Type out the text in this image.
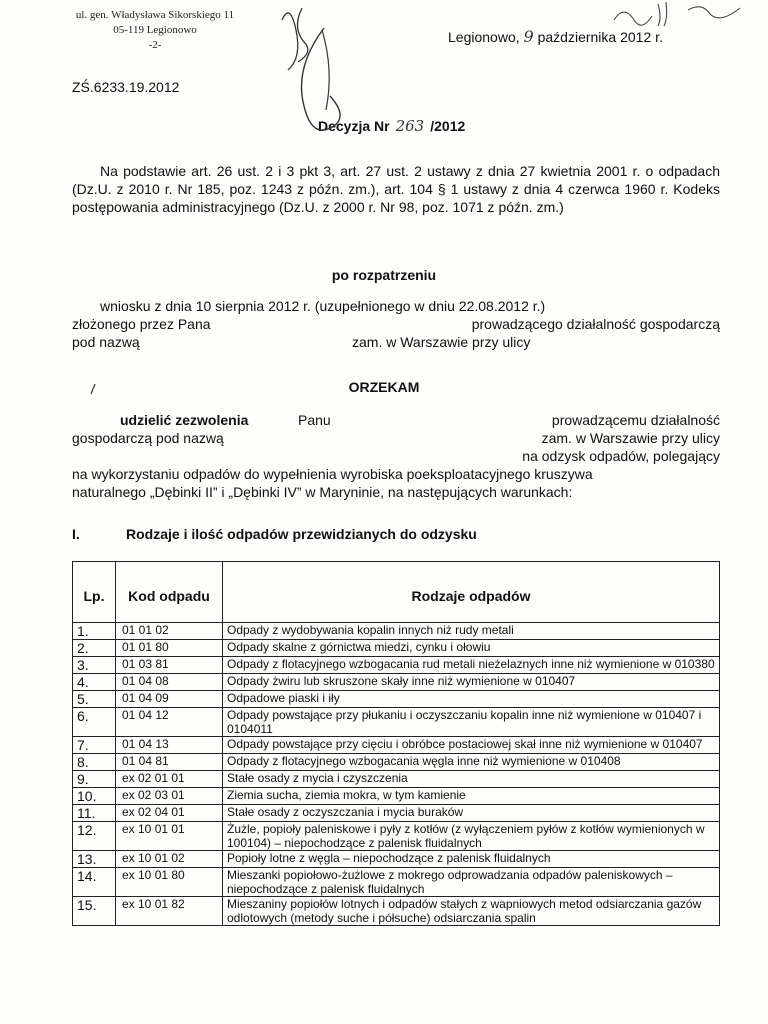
ul. gen. Władysława Sikorskiego 11
05-119 Legionowo
-2-	Legionowo, 9 października 2012 r.
ZŚ.6233.19.2012
Decyzja Nr 263 /2012
Na podstawie art. 26 ust. 2 i 3 pkt 3, art. 27 ust. 2 ustawy z dnia 27 kwietnia 2001 r. o odpadach (Dz.U. z 2010 r. Nr 185, poz. 1243 z późn. zm.), art. 104 § 1 ustawy z dnia 4 czerwca 1960 r. Kodeks postępowania administracyjnego (Dz.U. z 2000 r. Nr 98, poz. 1071 z późn. zm.)
po rozpatrzeniu
wniosku z dnia 10 sierpnia 2012 r. (uzupełnionego w dniu 22.08.2012 r.)
złożonego przez Pana	prowadzącego działalność gospodarczą
pod nazwą	zam. w Warszawie przy ulicy
ORZEKAM
udzielić zezwolenia	Panu	prowadzącemu działalność
gospodarczą pod nazwą	zam. w Warszawie przy ulicy
na odzysk odpadów, polegający
na wykorzystaniu odpadów do wypełnienia wyrobiska poeksploatacyjnego kruszywa
naturalnego „Dębinki II” i „Dębinki IV” w Maryninie, na następujących warunkach:
I.	Rodzaje i ilość odpadów przewidzianych do odzysku
Lp.	Kod odpadu	Rodzaje odpadów
1.	01 01 02	Odpady z wydobywania kopalin innych niż rudy metali
2.	01 01 80	Odpady skalne z górnictwa miedzi, cynku i ołowiu
3.	01 03 81	Odpady z flotacyjnego wzbogacania rud metali nieżelaznych inne niż wymienione w 010380
4.	01 04 08	Odpady żwiru lub skruszone skały inne niż wymienione w 010407
5.	01 04 09	Odpadowe piaski i iły
6.	01 04 12	Odpady powstające przy płukaniu i oczyszczaniu kopalin inne niż wymienione w 010407 i 0104011
7.	01 04 13	Odpady powstające przy cięciu i obróbce postaciowej skał inne niż wymienione w 010407
8.	01 04 81	Odpady z flotacyjnego wzbogacania węgla inne niż wymienione w 010408
9.	ex 02 01 01	Stałe osady z mycia i czyszczenia
10.	ex 02 03 01	Ziemia sucha, ziemia mokra, w tym kamienie
11.	ex 02 04 01	Stałe osady z oczyszczania i mycia buraków
12.	ex 10 01 01	Żużle, popioły paleniskowe i pyły z kotłów (z wyłączeniem pyłów z kotłów wymienionych w 100104) – niepochodzące z palenisk fluidalnych
13.	ex 10 01 02	Popioły lotne z węgla – niepochodzące z palenisk fluidalnych
14.	ex 10 01 80	Mieszanki popiołowo-żużlowe z mokrego odprowadzania odpadów paleniskowych – niepochodzące z palenisk fluidalnych
15.	ex 10 01 82	Mieszaniny popiołów lotnych i odpadów stałych z wapniowych metod odsiarczania gazów odlotowych (metody suche i półsuche) odsiarczania spalin
